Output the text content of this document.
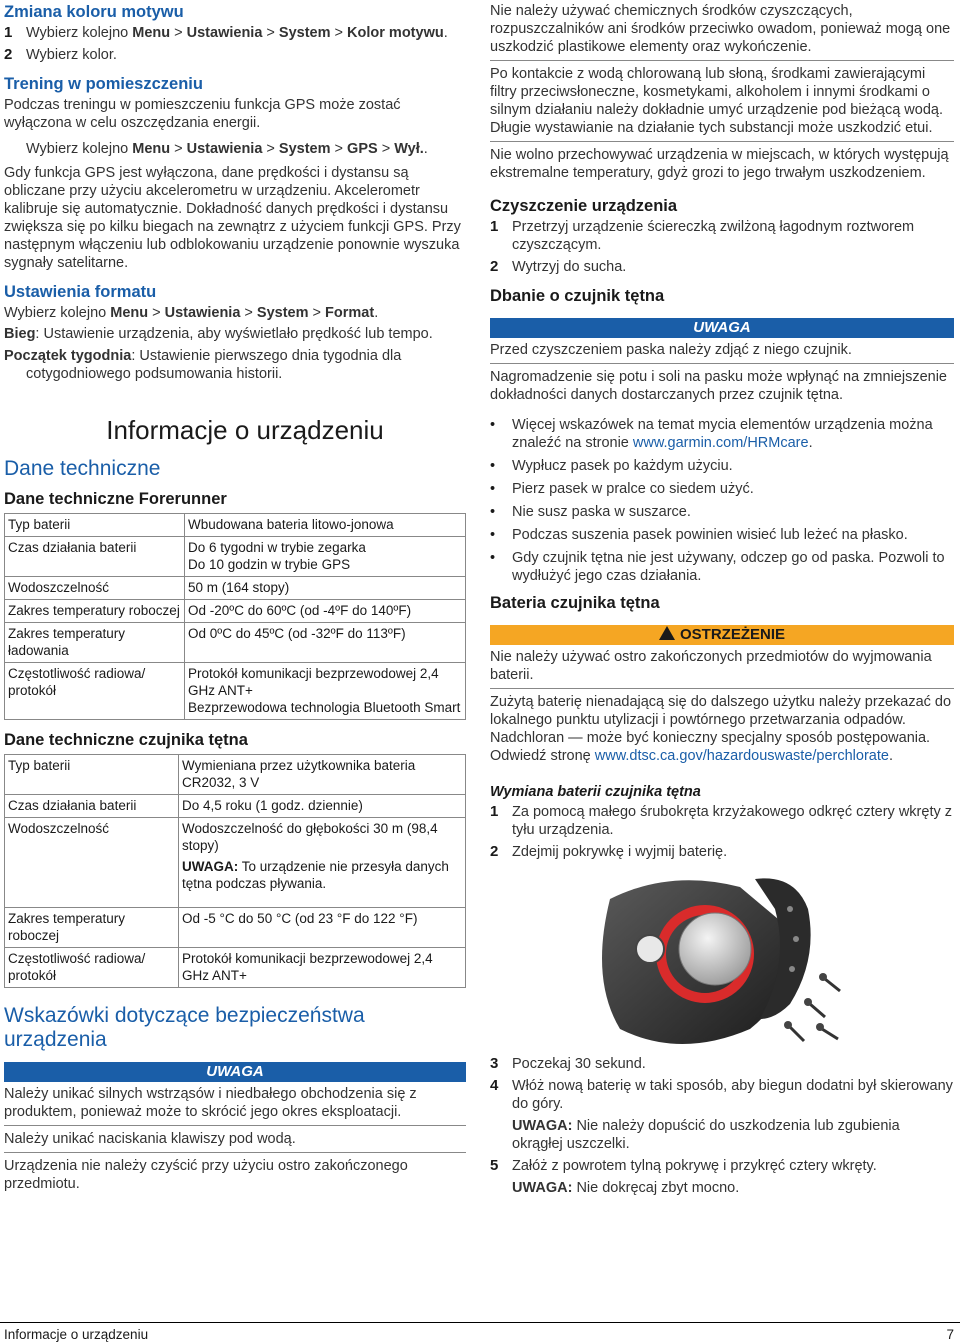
Zmiana koloru motywu
1 Wybierz kolejno Menu > Ustawienia > System > Kolor motywu.
2 Wybierz kolor.
Trening w pomieszczeniu

Podczas treningu w pomieszczeniu funkcja GPS może zostać wyłączona w celu oszczędzania energii.

Wybierz kolejno Menu > Ustawienia > System > GPS > Wył..

Gdy funkcja GPS jest wyłączona, dane prędkości i dystansu są obliczane przy użyciu akcelerometru w urządzeniu. Akcelerometr kalibruje się automatycznie. Dokładność danych prędkości i dystansu zwiększa się po kilku biegach na zewnątrz z użyciem funkcji GPS. Przy następnym włączeniu lub odblokowaniu urządzenie ponownie wyszuka sygnały satelitarne.

Ustawienia formatu

Wybierz kolejno Menu > Ustawienia > System > Format.

Bieg: Ustawienie urządzenia, aby wyświetlało prędkość lub tempo.

Początek tygodnia: Ustawienie pierwszego dnia tygodnia dla cotygodniowego podsumowania historii.

Informacje o urządzeniu
Dane techniczne
Dane techniczne Forerunner
Typ baterii	Wbudowana bateria litowo-jonowa
Czas działania baterii	Do 6 tygodni w trybie zegarka
Do 10 godzin w trybie GPS

Wodoszczelność	50 m (164 stopy)
Zakres temperatury roboczej	Od -20ºC do 60ºC (od -4ºF do 140ºF)
Zakres temperatury ładowania	Od 0ºC do 45ºC (od -32ºF do 113ºF)
Częstotliwość radiowa/ protokół	Protokół komunikacji bezprzewodowej 2,4 GHz ANT+
Bezprzewodowa technologia Bluetooth Smart
Dane techniczne czujnika tętna
Typ baterii	Wymieniana przez użytkownika bateria CR2032, 3 V
Czas działania baterii	Do 4,5 roku (1 godz. dziennie)
Wodoszczelność	Wodoszczelność do głębokości 30 m (98,4 stopy)
UWAGA: To urządzenie nie przesyła danych tętna podczas pływania.

Zakres temperatury roboczej	Od -5 °C do 50 °C (od 23 °F do 122 °F)
Częstotliwość radiowa/ protokół	Protokół komunikacji bezprzewodowej 2,4 GHz ANT+
Wskazówki dotyczące bezpieczeństwa urządzenia
UWAGA

Należy unikać silnych wstrząsów i niedbałego obchodzenia się z produktem, ponieważ może to skrócić jego okres eksploatacji.

Należy unikać naciskania klawiszy pod wodą.

Urządzenia nie należy czyścić przy użyciu ostro zakończonego przedmiotu.

Nie należy używać chemicznych środków czyszczących, rozpuszczalników ani środków przeciwko owadom, ponieważ mogą one uszkodzić plastikowe elementy oraz wykończenie.

Po kontakcie z wodą chlorowaną lub słoną, środkami zawierającymi filtry przeciwsłoneczne, kosmetykami, alkoholem i innymi środkami o silnym działaniu należy dokładnie umyć urządzenie pod bieżącą wodą. Długie wystawianie na działanie tych substancji może uszkodzić etui.

Nie wolno przechowywać urządzenia w miejscach, w których występują ekstremalne temperatury, gdyż grozi to jego trwałym uszkodzeniem.

Czyszczenie urządzenia
1 Przetrzyj urządzenie ściereczką zwilżoną łagodnym roztworem czyszczącym.
2 Wytrzyj do sucha.
Dbanie o czujnik tętna
UWAGA

Przed czyszczeniem paska należy zdjąć z niego czujnik.

Nagromadzenie się potu i soli na pasku może wpłynąć na zmniejszenie dokładności danych dostarczanych przez czujnik tętna.

•	Więcej wskazówek na temat mycia elementów urządzenia można znaleźć na stronie www.garmin.com/HRMcare.
•	Wypłucz pasek po każdym użyciu.
•	Pierz pasek w pralce co siedem użyć.
•	Nie susz paska w suszarce.
•	Podczas suszenia pasek powinien wisieć lub leżeć na płasko.
•	Gdy czujnik tętna nie jest używany, odczep go od paska. Pozwoli to wydłużyć jego czas działania.
Bateria czujnika tętna
OSTRZEŻENIE

Nie należy używać ostro zakończonych przedmiotów do wyjmowania baterii.

Zużytą baterię nienadającą się do dalszego użytku należy przekazać do lokalnego punktu utylizacji i powtórnego przetwarzania odpadów. Nadchloran — może być konieczny specjalny sposób postępowania. Odwiedź stronę www.dtsc.ca.gov/hazardouswaste/perchlorate.

Wymiana baterii czujnika tętna
1 Za pomocą małego śrubokręta krzyżakowego odkręć cztery wkręty z tyłu urządzenia.
2 Zdejmij pokrywkę i wyjmij baterię.
3 Poczekaj 30 sekund.
4 Włóż nową baterię w taki sposób, aby biegun dodatni był skierowany do góry.
UWAGA: Nie należy dopuścić do uszkodzenia lub zgubienia okrągłej uszczelki.
5 Załóż z powrotem tylną pokrywę i przykręć cztery wkręty.
UWAGA: Nie dokręcaj zbyt mocno.
Informacje o urządzeniu	7
